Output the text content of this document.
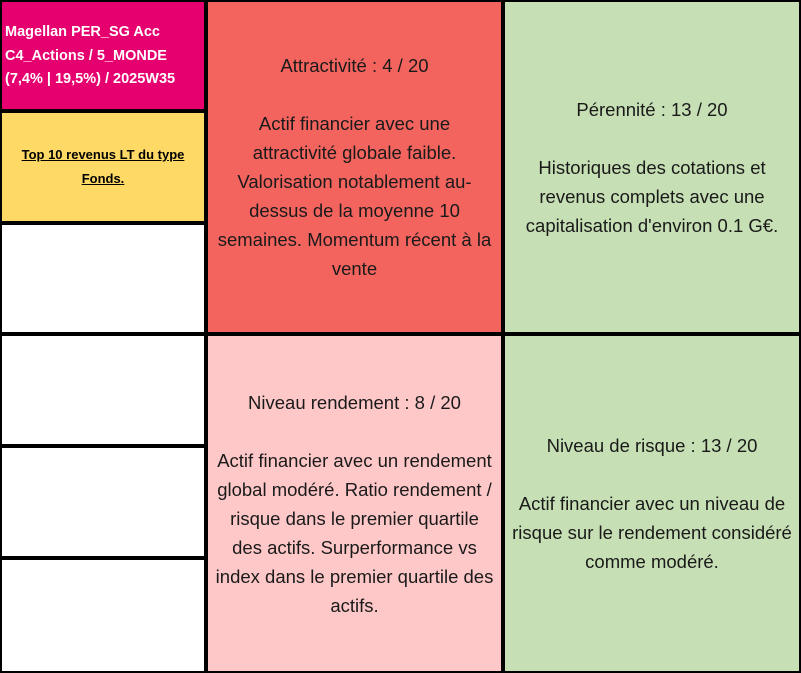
Magellan PER_SG Acc
C4_Actions / 5_MONDE
(7,4% | 19,5%) / 2025W35
Top 10 revenus LT du type Fonds.
Attractivité : 4 / 20
Actif financier avec une attractivité globale faible. Valorisation notablement au-dessus de la moyenne 10 semaines. Momentum récent à la vente
Pérennité : 13 / 20
Historiques des cotations et revenus complets avec une capitalisation d'environ 0.1 G€.
Niveau rendement : 8 / 20
Actif financier avec un rendement global modéré. Ratio rendement / risque dans le premier quartile des actifs. Surperformance vs index dans le premier quartile des actifs.
Niveau de risque : 13 / 20
Actif financier avec un niveau de risque sur le rendement considéré comme modéré.
